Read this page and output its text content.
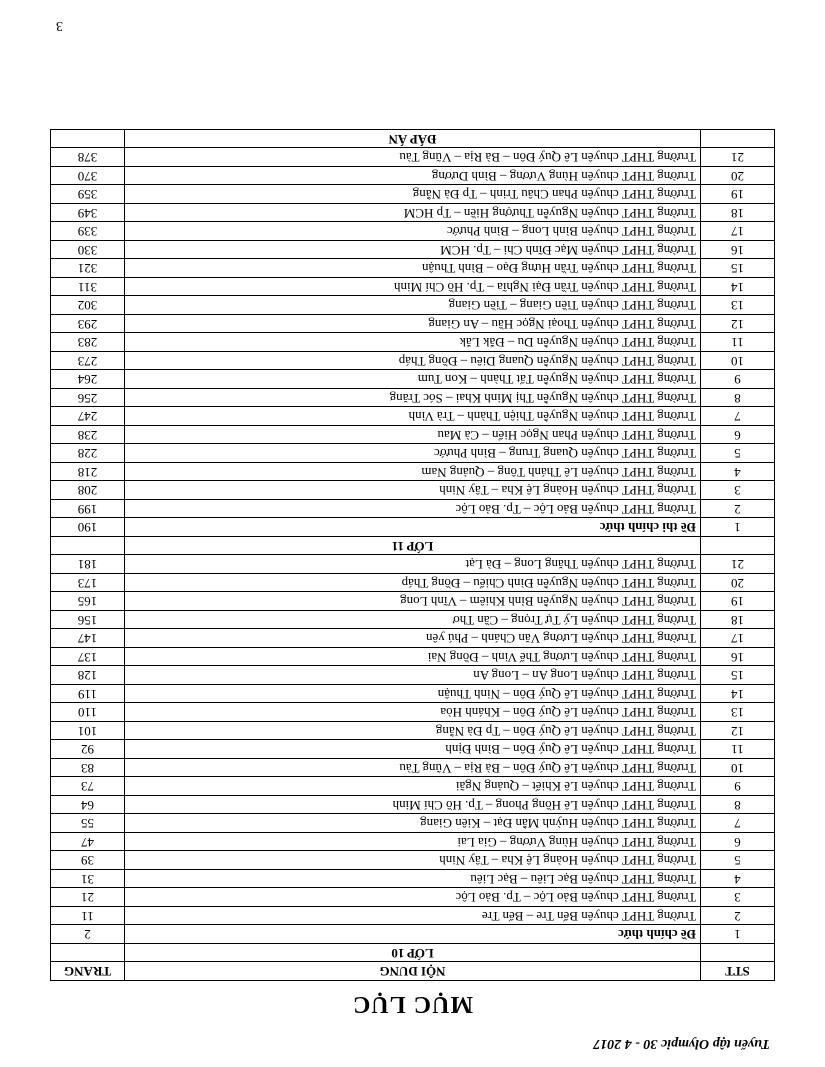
Tuyển tập Olympic 30 - 4 2017
MỤC LỤC
STT	NỘI DUNG	TRANG
	LỚP 10	
1	Đề chính thức	2
2	Trường THPT chuyên Bến Tre – Bến Tre	11
3	Trường THPT chuyên Bảo Lộc – Tp. Bảo Lộc	21
4	Trường THPT chuyên Bạc Liêu – Bạc Liêu	31
5	Trường THPT chuyên Hoàng Lệ Kha – Tây Ninh	39
6	Trường THPT chuyên Hùng Vương – Gia Lai	47
7	Trường THPT chuyên Huỳnh Mẫn Đạt – Kiên Giang	55
8	Trường THPT chuyên Lê Hồng Phong – Tp. Hồ Chí Minh	64
9	Trường THPT chuyên Lê Khiết – Quảng Ngãi	73
10	Trường THPT chuyên Lê Quý Đôn – Bà Rịa – Vũng Tàu	83
11	Trường THPT chuyên Lê Quý Đôn – Bình Định	92
12	Trường THPT chuyên Lê Quý Đôn – Tp Đà Nẵng	101
13	Trường THPT chuyên Lê Quý Đôn – Khánh Hòa	110
14	Trường THPT chuyên Lê Quý Đôn – Ninh Thuận	119
15	Trường THPT chuyên Long An – Long An	128
16	Trường THPT chuyên Lương Thế Vinh – Đồng Nai	137
17	Trường THPT chuyên Lương Văn Chánh – Phú yên	147
18	Trường THPT chuyên Lý Tự Trọng – Cần Thơ	156
19	Trường THPT chuyên Nguyễn Bỉnh Khiêm – Vĩnh Long	165
20	Trường THPT chuyên Nguyễn Đình Chiểu – Đồng Tháp	173
21	Trường THPT chuyên Thăng Long – Đà Lạt	181
	LỚP 11	
1	Đề thi chính thức	190
2	Trường THPT chuyên Bảo Lộc – Tp. Bảo Lộc	199
3	Trường THPT chuyên Hoàng Lệ Kha – Tây Ninh	208
4	Trường THPT chuyên Lê Thánh Tông – Quảng Nam	218
5	Trường THPT chuyên Quang Trung – Bình Phước	228
6	Trường THPT chuyên Phan Ngọc Hiển – Cà Mau	238
7	Trường THPT chuyên Nguyễn Thiện Thành – Trà Vinh	247
8	Trường THPT chuyên Nguyễn Thị Minh Khai – Sóc Trăng	256
9	Trường THPT chuyên Nguyễn Tất Thành – Kon Tum	264
10	Trường THPT chuyên Nguyễn Quang Diêu – Đồng Tháp	273
11	Trường THPT chuyên Nguyễn Du – Đắk Lắk	283
12	Trường THPT chuyên Thoại Ngọc Hầu – An Giang	293
13	Trường THPT chuyên Tiền Giang – Tiền Giang	302
14	Trường THPT chuyên Trần Đại Nghĩa – Tp. Hồ Chí Minh	311
15	Trường THPT chuyên Trần Hưng Đạo – Bình Thuận	321
16	Trường THPT chuyên Mạc Đĩnh Chi – Tp. HCM	330
17	Trường THPT chuyên Bình Long – Bình Phước	339
18	Trường THPT chuyên Nguyễn Thượng Hiền – Tp HCM	349
19	Trường THPT chuyên Phan Châu Trinh – Tp Đà Nẵng	359
20	Trường THPT chuyên Hùng Vương – Bình Dương	370
21	Trường THPT chuyên Lê Quý Đôn – Bà Rịa – Vũng Tàu	378
	ĐÁP ÁN	
3
